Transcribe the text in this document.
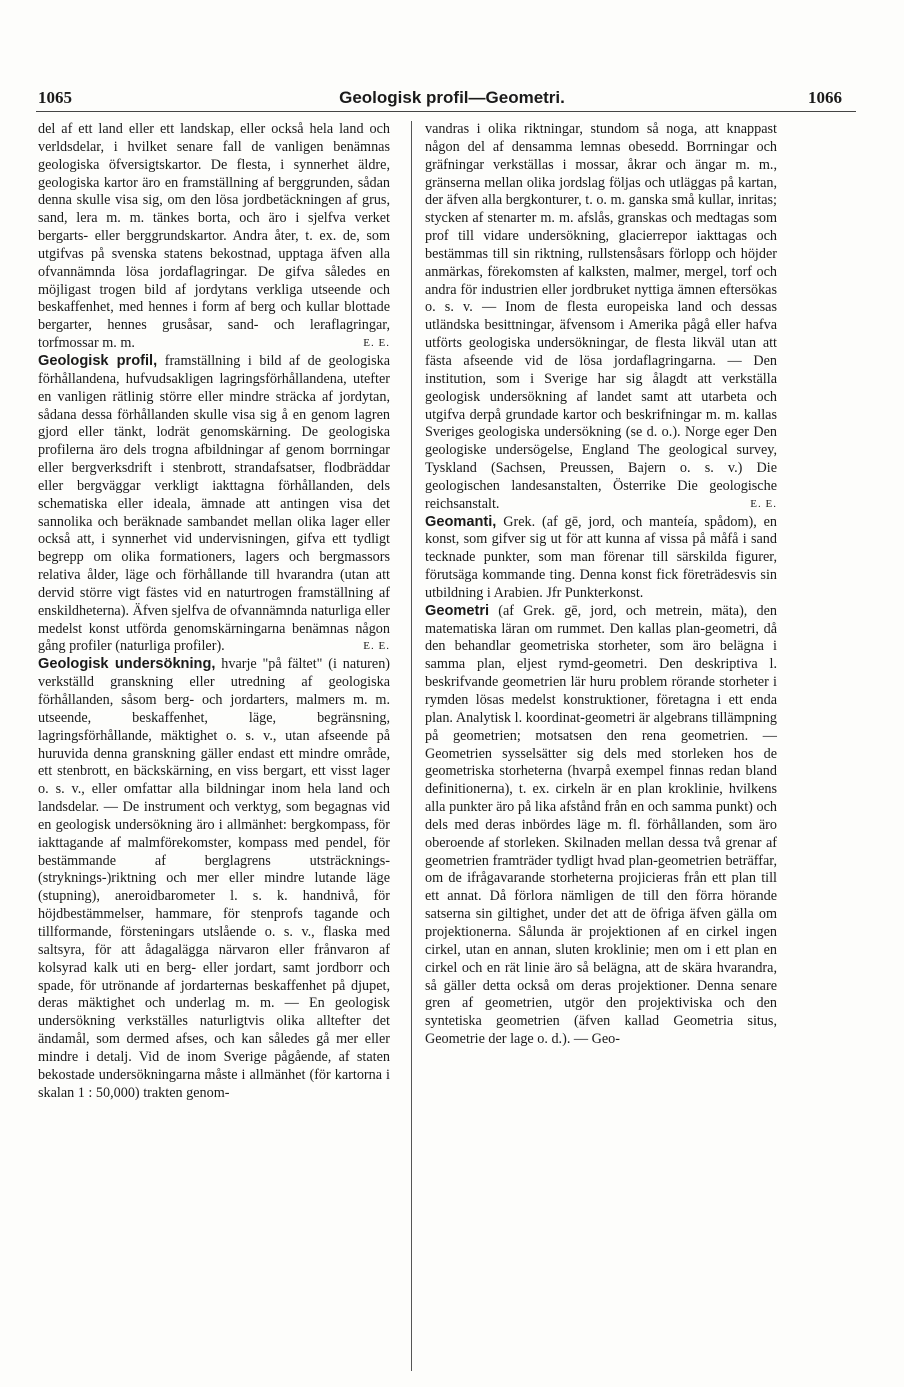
1065	Geologisk profil—Geometri.	1066

del af ett land eller ett landskap, eller också hela land och verldsdelar, i hvilket senare fall de vanligen benämnas geologiska öfversigtskartor. De flesta, i synnerhet äldre, geologiska kartor äro en framställning af berggrunden, sådan denna skulle visa sig, om den lösa jordbetäckningen af grus, sand, lera m. m. tänkes borta, och äro i sjelfva verket bergarts- eller berggrundskartor. Andra åter, t. ex. de, som utgifvas på svenska statens bekostnad, upptaga äfven alla ofvannämnda lösa jordaflagringar. De gifva således en möjligast trogen bild af jordytans verkliga utseende och beskaffenhet, med hennes i form af berg och kullar blottade bergarter, hennes grusåsar, sand- och leraflagringar, torfmossar m. m.	E. E.

Geologisk profil, framställning i bild af de geologiska förhållandena, hufvudsakligen lagringsförhållandena, utefter en vanligen rätlinig större eller mindre sträcka af jordytan, sådana dessa förhållanden skulle visa sig å en genom lagren gjord eller tänkt, lodrät genomskärning. De geologiska profilerna äro dels trogna afbildningar af genom borrningar eller bergverksdrift i stenbrott, strandafsatser, flodbräddar eller bergväggar verkligt iakttagna förhållanden, dels schematiska eller ideala, ämnade att antingen visa det sannolika och beräknade sambandet mellan olika lager eller också att, i synnerhet vid undervisningen, gifva ett tydligt begrepp om olika formationers, lagers och bergmassors relativa ålder, läge och förhållande till hvarandra (utan att dervid större vigt fästes vid en naturtrogen framställning af enskildheterna). Äfven sjelfva de ofvannämnda naturliga eller medelst konst utförda genomskärningarna benämnas någon gång profiler (naturliga profiler).	E. E.

Geologisk undersökning, hvarje "på fältet" (i naturen) verkställd granskning eller utredning af geologiska förhållanden, såsom berg- och jordarters, malmers m. m. utseende, beskaffenhet, läge, begränsning, lagringsförhållande, mäktighet o. s. v., utan afseende på huruvida denna granskning gäller endast ett mindre område, ett stenbrott, en bäckskärning, en viss bergart, ett visst lager o. s. v., eller omfattar alla bildningar inom hela land och landsdelar. — De instrument och verktyg, som begagnas vid en geologisk undersökning äro i allmänhet: bergkompass, för iakttagande af malmförekomster, kompass med pendel, för bestämmande af berglagrens utsträcknings-(stryknings-)riktning och mer eller mindre lutande läge (stupning), aneroidbarometer l. s. k. handnivå, för höjdbestämmelser, hammare, för stenprofs tagande och tillformande, försteningars utslående o. s. v., flaska med saltsyra, för att ådagalägga närvaron eller frånvaron af kolsyrad kalk uti en berg- eller jordart, samt jordborr och spade, för utrönande af jordarternas beskaffenhet på djupet, deras mäktighet och underlag m. m. — En geologisk undersökning verkställes naturligtvis olika alltefter det ändamål, som dermed afses, och kan således gå mer eller mindre i detalj. Vid de inom Sverige pågående, af staten bekostade undersökningarna måste i allmänhet (för kartorna i skalan 1 : 50,000) trakten genom-

vandras i olika riktningar, stundom så noga, att knappast någon del af densamma lemnas obesedd. Borrningar och gräfningar verkställas i mossar, åkrar och ängar m. m., gränserna mellan olika jordslag följas och utläggas på kartan, der äfven alla bergkonturer, t. o. m. ganska små kullar, inritas; stycken af stenarter m. m. afslås, granskas och medtagas som prof till vidare undersökning, glacierrepor iakttagas och bestämmas till sin riktning, rullstensåsars förlopp och höjder anmärkas, förekomsten af kalksten, malmer, mergel, torf och andra för industrien eller jordbruket nyttiga ämnen eftersökas o. s. v. — Inom de flesta europeiska land och dessas utländska besittningar, äfvensom i Amerika pågå eller hafva utförts geologiska undersökningar, de flesta likväl utan att fästa afseende vid de lösa jordaflagringarna. — Den institution, som i Sverige har sig ålagdt att verkställa geologisk undersökning af landet samt att utarbeta och utgifva derpå grundade kartor och beskrifningar m. m. kallas Sveriges geologiska undersökning (se d. o.). Norge eger Den geologiske undersögelse, England The geological survey, Tyskland (Sachsen, Preussen, Bajern o. s. v.) Die geologischen landesanstalten, Österrike Die geologische reichsanstalt.	E. E.

Geomanti, Grek. (af gē, jord, och manteía, spådom), en konst, som gifver sig ut för att kunna af vissa på måfå i sand tecknade punkter, som man förenar till särskilda figurer, förutsäga kommande ting. Denna konst fick företrädesvis sin utbildning i Arabien. Jfr Punkterkonst.

Geometri (af Grek. gē, jord, och metrein, mäta), den matematiska läran om rummet. Den kallas plan-geometri, då den behandlar geometriska storheter, som äro belägna i samma plan, eljest rymd-geometri. Den deskriptiva l. beskrifvande geometrien lär huru problem rörande storheter i rymden lösas medelst konstruktioner, företagna i ett enda plan. Analytisk l. koordinat-geometri är algebrans tillämpning på geometrien; motsatsen den rena geometrien. — Geometrien sysselsätter sig dels med storleken hos de geometriska storheterna (hvarpå exempel finnas redan bland definitionerna), t. ex. cirkeln är en plan kroklinie, hvilkens alla punkter äro på lika afstånd från en och samma punkt) och dels med deras inbördes läge m. fl. förhållanden, som äro oberoende af storleken. Skilnaden mellan dessa två grenar af geometrien framträder tydligt hvad plan-geometrien beträffar, om de ifrågavarande storheterna projicieras från ett plan till ett annat. Då förlora nämligen de till den förra hörande satserna sin giltighet, under det att de öfriga äfven gälla om projektionerna. Sålunda är projektionen af en cirkel ingen cirkel, utan en annan, sluten kroklinie; men om i ett plan en cirkel och en rät linie äro så belägna, att de skära hvarandra, så gäller detta också om deras projektioner. Denna senare gren af geometrien, utgör den projektiviska och den syntetiska geometrien (äfven kallad Geometria situs, Geometrie der lage o. d.). — Geo-
